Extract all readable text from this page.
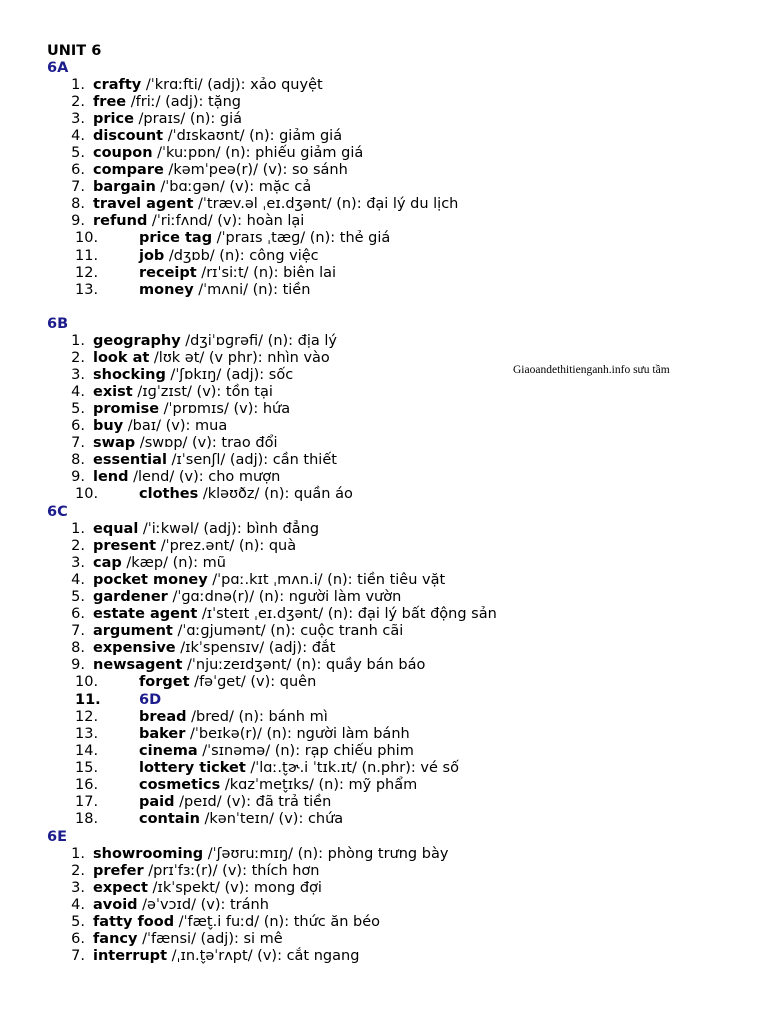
UNIT 6
Giaoandethitienganh.info sưu tầm
6A
1. crafty /ˈkrɑːfti/ (adj): xảo quyệt
2. free /friː/ (adj): tặng
3. price /praɪs/ (n): giá
4. discount /ˈdɪskaʊnt/ (n): giảm giá
5. coupon /ˈkuːpɒn/ (n): phiếu giảm giá
6. compare /kəmˈpeə(r)/ (v): so sánh
7. bargain /ˈbɑːɡən/ (v): mặc cả
8. travel agent /ˈtræv.əl ˌeɪ.dʒənt/ (n): đại lý du lịch
9. refund /ˈriːfʌnd/ (v): hoàn lại
10.	price tag /ˈpraɪs ˌtæɡ/ (n): thẻ giá
11.	job /dʒɒb/ (n): công việc
12.	receipt /rɪˈsiːt/ (n): biên lai
13.	money /ˈmʌni/ (n): tiền
6B
1. geography /dʒiˈɒɡrəfi/ (n): địa lý
2. look at /lʊk ət/ (v phr): nhìn vào
3. shocking /ˈʃɒkɪŋ/ (adj): sốc
4. exist /ɪɡˈzɪst/ (v): tồn tại
5. promise /ˈprɒmɪs/ (v): hứa
6. buy /baɪ/ (v): mua
7. swap /swɒp/ (v): trao đổi
8. essential /ɪˈsenʃl/ (adj): cần thiết
9. lend /lend/ (v): cho mượn
10.	clothes /kləʊðz/ (n): quần áo
6C
1. equal /ˈiːkwəl/ (adj): bình đẳng
2. present /ˈprez.ənt/ (n): quà
3. cap /kæp/ (n): mũ
4. pocket money /ˈpɑː.kɪt ˌmʌn.i/ (n): tiền tiêu vặt
5. gardener /ˈɡɑːdnə(r)/ (n): người làm vườn
6. estate agent /ɪˈsteɪt ˌeɪ.dʒənt/ (n): đại lý bất động sản
7. argument /ˈɑːɡjumənt/ (n): cuộc tranh cãi
8. expensive /ɪkˈspensɪv/ (adj): đắt
9. newsagent /ˈnjuːzeɪdʒənt/ (n): quầy bán báo
10.	forget /fəˈɡet/ (v): quên
11.	6D
12.	bread /bred/ (n): bánh mì
13.	baker /ˈbeɪkə(r)/ (n): người làm bánh
14.	cinema /ˈsɪnəmə/ (n): rạp chiếu phim
15.	lottery ticket /ˈlɑː.t̬ɚ.i ˈtɪk.ɪt/ (n.phr): vé số
16.	cosmetics /kɑzˈmet̬ɪks/ (n): mỹ phẩm
17.	paid /peɪd/ (v): đã trả tiền
18.	contain /kənˈteɪn/ (v): chứa
6E
1. showrooming /ˈʃəʊruːmɪŋ/ (n): phòng trưng bày
2. prefer /prɪˈfɜː(r)/ (v): thích hơn
3. expect /ɪkˈspekt/ (v): mong đợi
4. avoid /əˈvɔɪd/ (v): tránh
5. fatty food /ˈfæt̬.i fuːd/ (n): thức ăn béo
6. fancy /ˈfænsi/ (adj): si mê
7. interrupt /ˌɪn.t̬əˈrʌpt/ (v): cắt ngang
